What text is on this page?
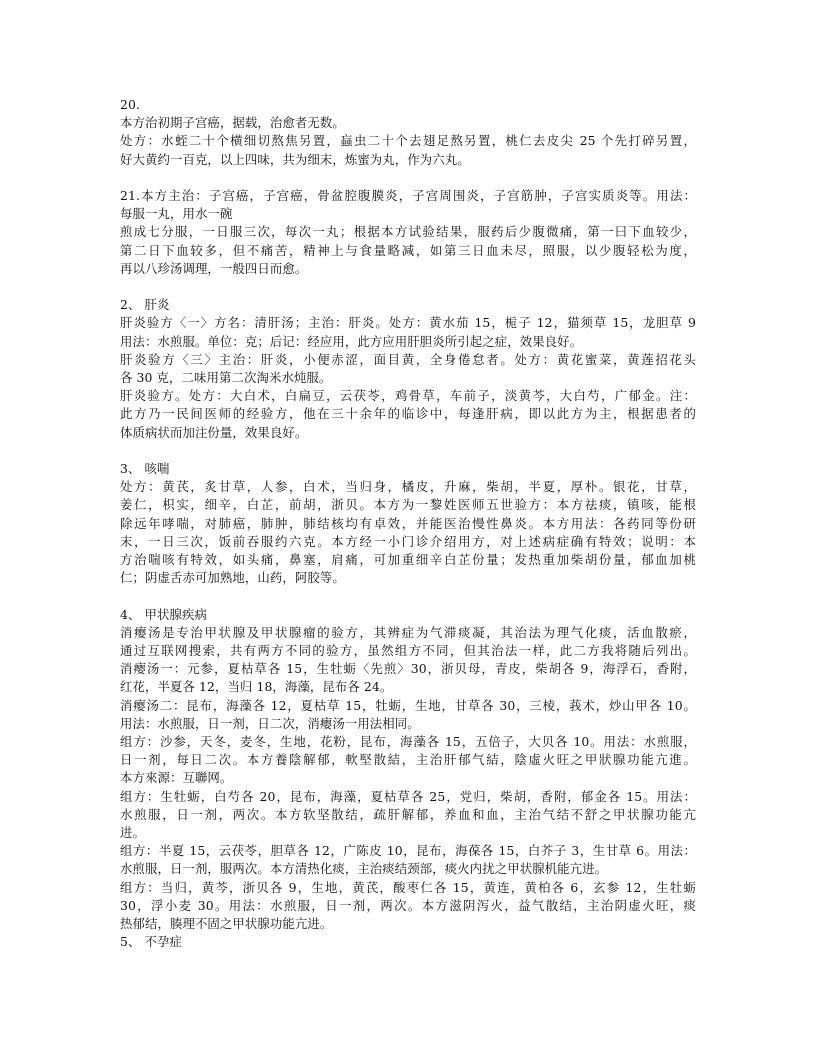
20.
本方治初期子宫癌，据载，治愈者无数。
处方：水蛭二十个横细切熬焦另置，蝱虫二十个去翅足熬另置，桃仁去皮尖 25 个先打碎另置，
好大黄约一百克，以上四味，共为细末，炼蜜为丸，作为六丸。
21.本方主治：子宫癌，子宫癌，骨盆腔腹膜炎，子宫周围炎，子宫筋肿，子宫实质炎等。用法：
每服一丸，用水一碗
煎成七分服，一日服三次，每次一丸；根据本方试验结果，服药后少腹微痛，第一曰下血较少，
第二日下血较多，但不痛苦，精神上与食量略减，如第三日血未尽，照服，以少腹轻松为度，
再以八珍汤调理，一般四日而愈。
2、 肝炎
肝炎验方〈一〉方名：清肝汤；主治：肝炎。处方：黄水茄 15，栀子 12，猫须草 15，龙胆草 9
用法：水煎服。单位：克；后记：经应用，此方应用肝胆炎所引起之症，效果良好。
肝炎验方〈三〉主治：肝炎，小便赤涩，面目黄，全身倦怠者。处方：黄花蜜菜，黄莲招花头
各 30 克，二味用第二次淘米水炖服。
肝炎验方。处方：大白术，白扁豆，云茯苓，鸡骨草，车前子，淡黄芩，大白芍，广郁金。注：
此方乃一民间医师的经验方，他在三十余年的临诊中，每逢肝病，即以此方为主，根据患者的
体质病状而加注份量，效果良好。
3、 咳喘
处方：黄芪，炙甘草，人参，白术，当归身，橘皮，升麻，柴胡，半夏，厚朴。银花，甘草，
姜仁，枳实，细辛，白芷，前胡，浙贝。本方为一黎姓医师五世验方：本方祛痰，镇咳，能根
除远年哮喘，对肺癌，肺肿，肺结核均有卓效，并能医治慢性鼻炎。本方用法：各药同等份研
末，一日三次，饭前吞服约六克。本方经一小门诊介绍用方，对上述病症确有特效；说明：本
方治喘咳有特效，如头痛，鼻塞，肩痛，可加重细辛白芷份量；发热重加柴胡份量，郁血加桃
仁；阴虚舌赤可加熟地，山药，阿胶等。
4、 甲状腺疾病
消瘿汤是专治甲状腺及甲状腺瘤的验方，其辨症为气滞痰凝，其治法为理气化痰，活血散瘀，
通过互联网搜索，共有两方不同的验方，虽然组方不同，但其治法一样，此二方我将随后列出。
消瘿汤一：元参，夏枯草各 15，生牡蛎〈先煎〉30，浙贝母，青皮，柴胡各 9，海浮石，香附，
红花，半夏各 12，当归 18，海藻，昆布各 24。
消瘿汤二：昆布，海藻各 12，夏枯草 15，牡蛎，生地，甘草各 30，三棱，莪术，炒山甲各 10。
用法：水煎服，日一剂，日二次，消瘿汤一用法相同。
组方：沙参，天冬，麦冬，生地，花粉，昆布，海藻各 15，五倍子，大贝各 10。用法：水煎服，
日一剂，每日二次。本方養陰解郁，軟堅散結，主治肝郁气結，陰虛火旺之甲狀腺功能亢進。
本方來源：互聯网。
组方：生牡蛎，白芍各 20，昆布，海藻，夏枯草各 25，党归，柴胡，香附，郁金各 15。用法：
水煎服，日一剂，两次。本方软坚散结，疏肝解郁，养血和血，主治气结不舒之甲状腺功能亢
进。
组方：半夏 15，云茯苓，胆草各 12，广陈皮 10，昆布，海葆各 15，白芥子 3，生甘草 6。用法：
水煎服，日一剂，服两次。本方清热化痰，主治痰结颈部，痰火内扰之甲状腺机能亢进。
组方：当归，黄芩，浙贝各 9，生地，黄芪，酸枣仁各 15，黄连，黄柏各 6，玄参 12，生牡蛎
30，浮小麦 30。用法：水煎服，日一剂，两次。本方滋阴泻火，益气散结，主治阴虚火旺，痰
热郁结，腠理不固之甲状腺功能亢进。
5、 不孕症
